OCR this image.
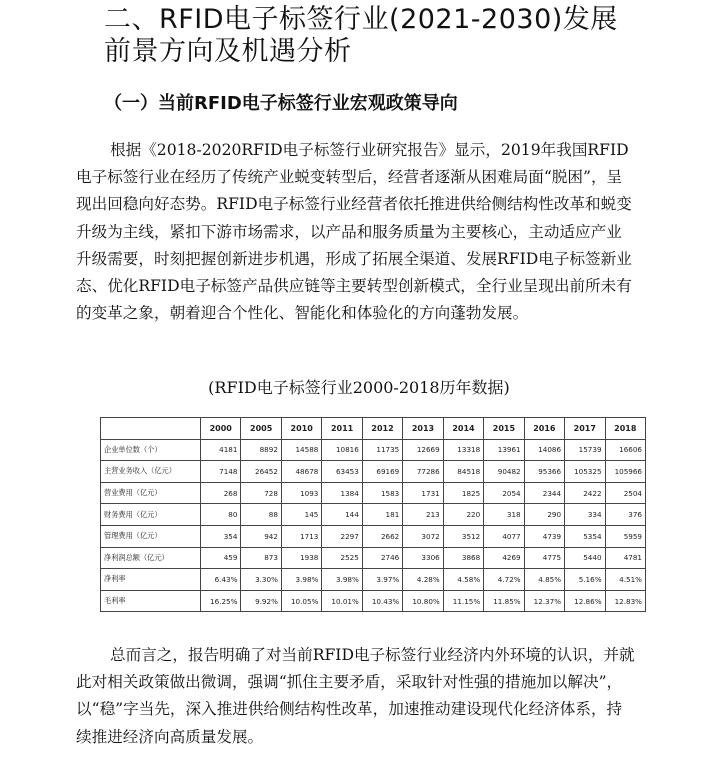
二、RFID电子标签行业(2021-2030)发展
前景方向及机遇分析
（一）当前RFID电子标签行业宏观政策导向

根据《2018-2020RFID电子标签行业研究报告》显示，2019年我国RFID电子标签行业在经历了传统产业蜕变转型后，经营者逐渐从困难局面“脱困”，呈现出回稳向好态势。RFID电子标签行业经营者依托推进供给侧结构性改革和蜕变升级为主线，紧扣下游市场需求，以产品和服务质量为主要核心，主动适应产业升级需要，时刻把握创新进步机遇，形成了拓展全渠道、发展RFID电子标签新业态、优化RFID电子标签产品供应链等主要转型创新模式，全行业呈现出前所未有的变革之象，朝着迎合个性化、智能化和体验化的方向蓬勃发展。

(RFID电子标签行业2000-2018历年数据)
	2000	2005	2010	2011	2012	2013	2014	2015	2016	2017	2018
企业单位数（个）	4181	8892	14588	10816	11735	12669	13318	13961	14086	15739	16606
主营业务收入（亿元）	7148	26452	48678	63453	69169	77286	84518	90482	95366	105325	105966
营业费用（亿元）	268	728	1093	1384	1583	1731	1825	2054	2344	2422	2504
财务费用（亿元）	80	88	145	144	181	213	220	318	290	334	376
管理费用（亿元）	354	942	1713	2297	2662	3072	3512	4077	4739	5354	5959
净利润总额（亿元）	459	873	1938	2525	2746	3306	3868	4269	4775	5440	4781
净利率	6.43%	3.30%	3.98%	3.98%	3.97%	4.28%	4.58%	4.72%	4.85%	5.16%	4.51%
毛利率	16.25%	9.92%	10.05%	10.01%	10.43%	10.80%	11.15%	11.85%	12.37%	12.86%	12.83%

总而言之，报告明确了对当前RFID电子标签行业经济内外环境的认识，并就此对相关政策做出微调，强调“抓住主要矛盾，采取针对性强的措施加以解决”，以“稳”字当先，深入推进供给侧结构性改革，加速推动建设现代化经济体系，持续推进经济向高质量发展。
